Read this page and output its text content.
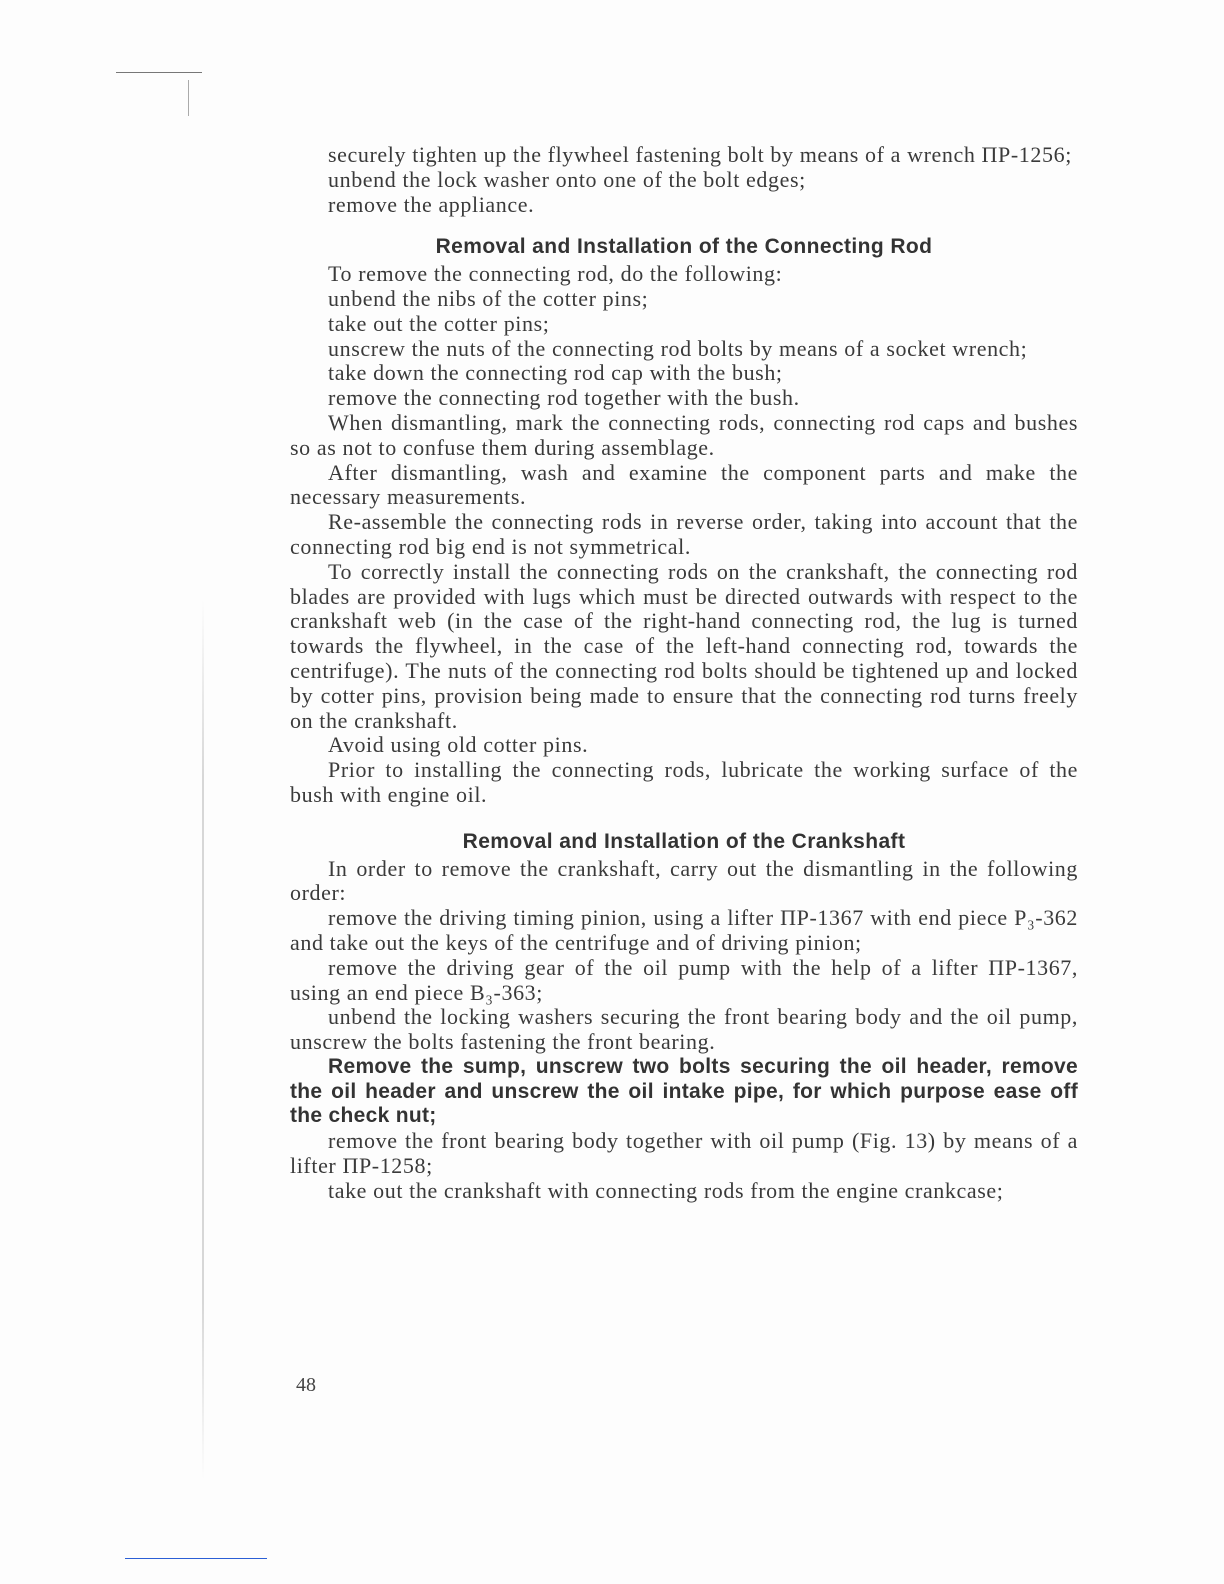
securely tighten up the flywheel fastening bolt by means of a wrench ПР-1256;

unbend the lock washer onto one of the bolt edges;

remove the appliance.

Removal and Installation of the Connecting Rod

To remove the connecting rod, do the following:

unbend the nibs of the cotter pins;

take out the cotter pins;

unscrew the nuts of the connecting rod bolts by means of a socket wrench;

take down the connecting rod cap with the bush;

remove the connecting rod together with the bush.

When dismantling, mark the connecting rods, connecting rod caps and bushes so as not to confuse them during assemblage.

After dismantling, wash and examine the component parts and make the necessary measurements.

Re-assemble the connecting rods in reverse order, taking into account that the connecting rod big end is not symmetrical.

To correctly install the connecting rods on the crankshaft, the connecting rod blades are provided with lugs which must be directed outwards with respect to the crankshaft web (in the case of the right-hand connecting rod, the lug is turned towards the flywheel, in the case of the left-hand connecting rod, towards the centrifuge). The nuts of the connecting rod bolts should be tightened up and locked by cotter pins, provision being made to ensure that the connecting rod turns freely on the crankshaft.

Avoid using old cotter pins.

Prior to installing the connecting rods, lubricate the working surface of the bush with engine oil.

Removal and Installation of the Crankshaft

In order to remove the crankshaft, carry out the dismantling in the following order:

remove the driving timing pinion, using a lifter ПР-1367 with end piece Р₃-362 and take out the keys of the centrifuge and of driving pinion;

remove the driving gear of the oil pump with the help of a lifter ПР-1367, using an end piece В₃-363;

unbend the locking washers securing the front bearing body and the oil pump, unscrew the bolts fastening the front bearing.

Remove the sump, unscrew two bolts securing the oil header, remove the oil header and unscrew the oil intake pipe, for which purpose ease off the check nut;

remove the front bearing body together with oil pump (Fig. 13) by means of a lifter ПР-1258;

take out the crankshaft with connecting rods from the engine crankcase;

48
